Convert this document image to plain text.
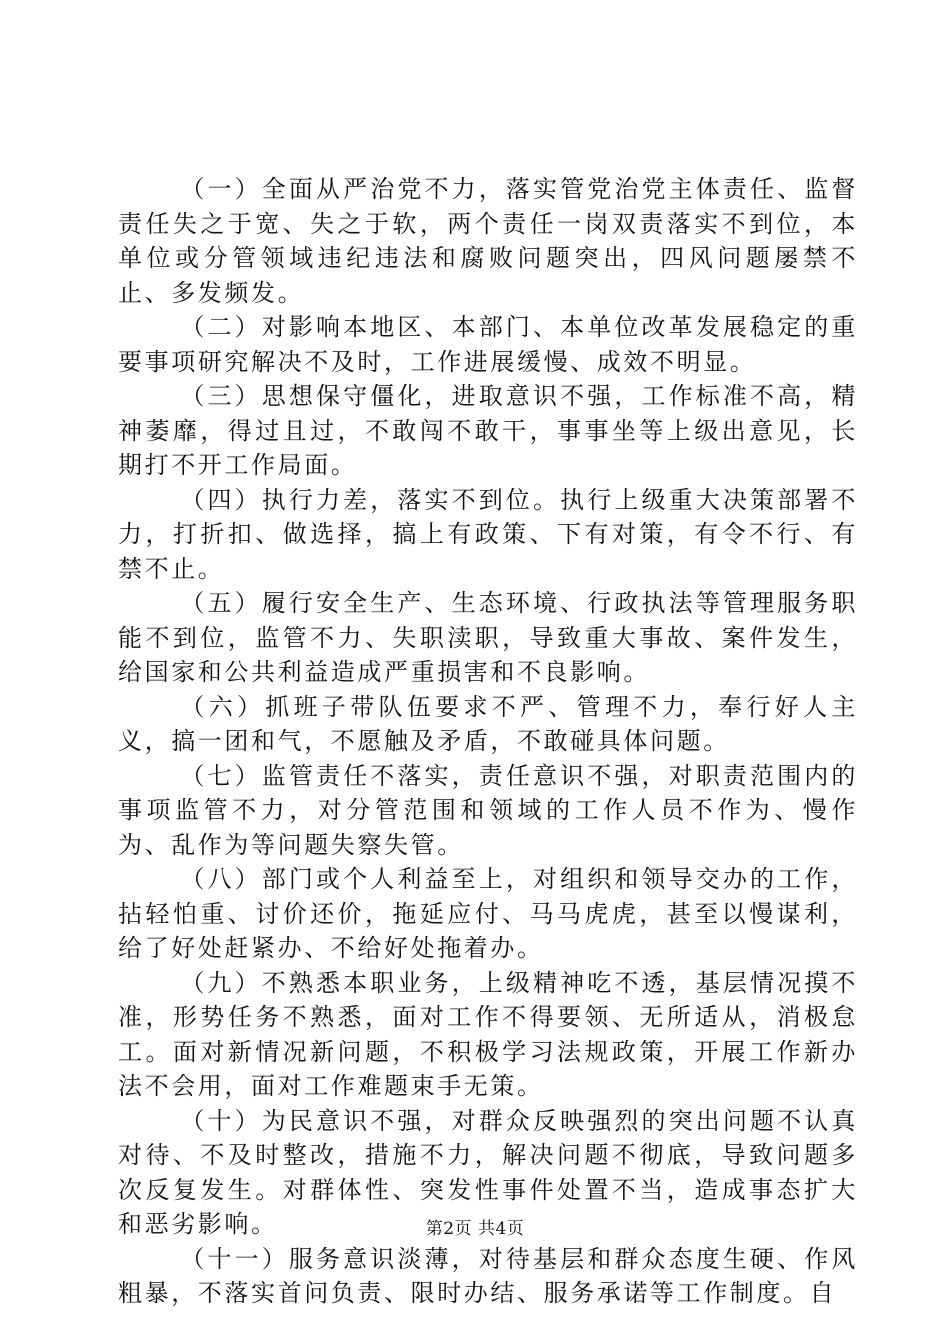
（一）全面从严治党不力，落实管党治党主体责任、监督责任失之于宽、失之于软，两个责任一岗双责落实不到位，本单位或分管领域违纪违法和腐败问题突出，四风问题屡禁不止、多发频发。

（二）对影响本地区、本部门、本单位改革发展稳定的重要事项研究解决不及时，工作进展缓慢、成效不明显。

（三）思想保守僵化，进取意识不强，工作标准不高，精神萎靡，得过且过，不敢闯不敢干，事事坐等上级出意见，长期打不开工作局面。

（四）执行力差，落实不到位。执行上级重大决策部署不力，打折扣、做选择，搞上有政策、下有对策，有令不行、有禁不止。

（五）履行安全生产、生态环境、行政执法等管理服务职能不到位，监管不力、失职渎职，导致重大事故、案件发生，给国家和公共利益造成严重损害和不良影响。

（六）抓班子带队伍要求不严、管理不力，奉行好人主义，搞一团和气，不愿触及矛盾，不敢碰具体问题。

（七）监管责任不落实，责任意识不强，对职责范围内的事项监管不力，对分管范围和领域的工作人员不作为、慢作为、乱作为等问题失察失管。

（八）部门或个人利益至上，对组织和领导交办的工作，拈轻怕重、讨价还价，拖延应付、马马虎虎，甚至以慢谋利，给了好处赶紧办、不给好处拖着办。

（九）不熟悉本职业务，上级精神吃不透，基层情况摸不准，形势任务不熟悉，面对工作不得要领、无所适从，消极怠工。面对新情况新问题，不积极学习法规政策，开展工作新办法不会用，面对工作难题束手无策。

（十）为民意识不强，对群众反映强烈的突出问题不认真对待、不及时整改，措施不力，解决问题不彻底，导致问题多次反复发生。对群体性、突发性事件处置不当，造成事态扩大和恶劣影响。

（十一）服务意识淡薄，对待基层和群众态度生硬、作风粗暴，不落实首问负责、限时办结、服务承诺等工作制度。自

第2页 共4页
